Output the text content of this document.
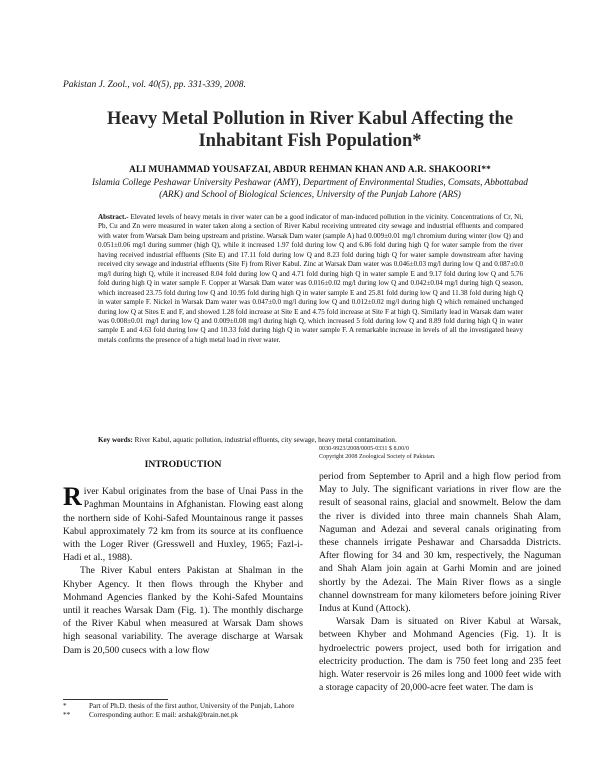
Pakistan J. Zool., vol. 40(5), pp. 331-339, 2008.
Heavy Metal Pollution in River Kabul Affecting the
Inhabitant Fish Population*
ALI MUHAMMAD YOUSAFZAI, ABDUR REHMAN KHAN AND A.R. SHAKOORI**
Islamia College Peshawar University Peshawar (AMY), Department of Environmental Studies, Comsats, Abbottabad (ARK) and School of Biological Sciences, University of the Punjab Lahore (ARS)
Abstract.- Elevated levels of heavy metals in river water can be a good indicator of man-induced pollution in the vicinity. Concentrations of Cr, Ni, Pb, Cu and Zn were measured in water taken along a section of River Kabul receiving untreated city sewage and industrial effluents and compared with water from Warsak Dam being upstream and pristine. Warsak Dam water (sample A) had 0.009±0.01 mg/l chromium during winter (low Q) and 0.051±0.06 mg/l during summer (high Q), while it increased 1.97 fold during low Q and 6.86 fold during high Q for water sample from the river having received industrial effluents (Site E) and 17.11 fold during low Q and 8.23 fold during high Q for water sample downstream after having received city sewage and industrial effluents (Site F) from River Kabul. Zinc at Warsak Dam water was 0.046±0.03 mg/l during low Q and 0.087±0.0 mg/l during high Q, while it increased 8.04 fold during low Q and 4.71 fold during high Q in water sample E and 9.17 fold during low Q and 5.76 fold during high Q in water sample F. Copper at Warsak Dam water was 0.016±0.02 mg/l during low Q and 0.042±0.04 mg/l during high Q season, which increased 23.75 fold during low Q and 10.95 fold during high Q in water sample E and 25.81 fold during low Q and 11.38 fold during high Q in water sample F. Nickel in Warsak Dam water was 0.047±0.0 mg/l during low Q and 0.012±0.02 mg/l during high Q which remained unchanged during low Q at Sites E and F, and showed 1.28 fold increase at Site E and 4.75 fold increase at Site F at high Q. Similarly lead in Warsak dam water was 0.008±0.01 mg/l during low Q and 0.009±0.08 mg/l during high Q, which increased 5 fold during low Q and 8.89 fold during high Q in water sample E and 4.63 fold during low Q and 10.33 fold during high Q in water sample F. A remarkable increase in levels of all the investigated heavy metals confirms the presence of a high metal load in river water.
0030-9923/2008/0005-0331 $ 8.00/0
Copyright 2008 Zoological Society of Pakistan.
Key words: River Kabul, aquatic pollution, industrial effluents, city sewage, heavy metal contamination.
INTRODUCTION

River Kabul originates from the base of Unai Pass in the Paghman Mountains in Afghanistan. Flowing east along the northern side of Kohi-Safed Mountainous range it passes Kabul approximately 72 km from its source at its confluence with the Loger River (Gresswell and Huxley, 1965; Fazl-i-Hadi et al., 1988).

The River Kabul enters Pakistan at Shalman in the Khyber Agency. It then flows through the Khyber and Mohmand Agencies flanked by the Kohi-Safed Mountains until it reaches Warsak Dam (Fig. 1). The monthly discharge of the River Kabul when measured at Warsak Dam shows high seasonal variability. The average discharge at Warsak Dam is 20,500 cusecs with a low flow

period from September to April and a high flow period from May to July. The significant variations in river flow are the result of seasonal rains, glacial and snowmelt. Below the dam the river is divided into three main channels Shah Alam, Naguman and Adezai and several canals originating from these channels irrigate Peshawar and Charsadda Districts. After flowing for 34 and 30 km, respectively, the Naguman and Shah Alam join again at Garhi Momin and are joined shortly by the Adezai. The Main River flows as a single channel downstream for many kilometers before joining River Indus at Kund (Attock).

Warsak Dam is situated on River Kabul at Warsak, between Khyber and Mohmand Agencies (Fig. 1). It is hydroelectric powers project, used both for irrigation and electricity production. The dam is 750 feet long and 235 feet high. Water reservoir is 26 miles long and 1000 feet wide with a storage capacity of 20,000-acre feet water. The dam is

*	Part of Ph.D. thesis of the first author, University of the Punjab, Lahore
**	Corresponding author: E mail: arshak@brain.net.pk
